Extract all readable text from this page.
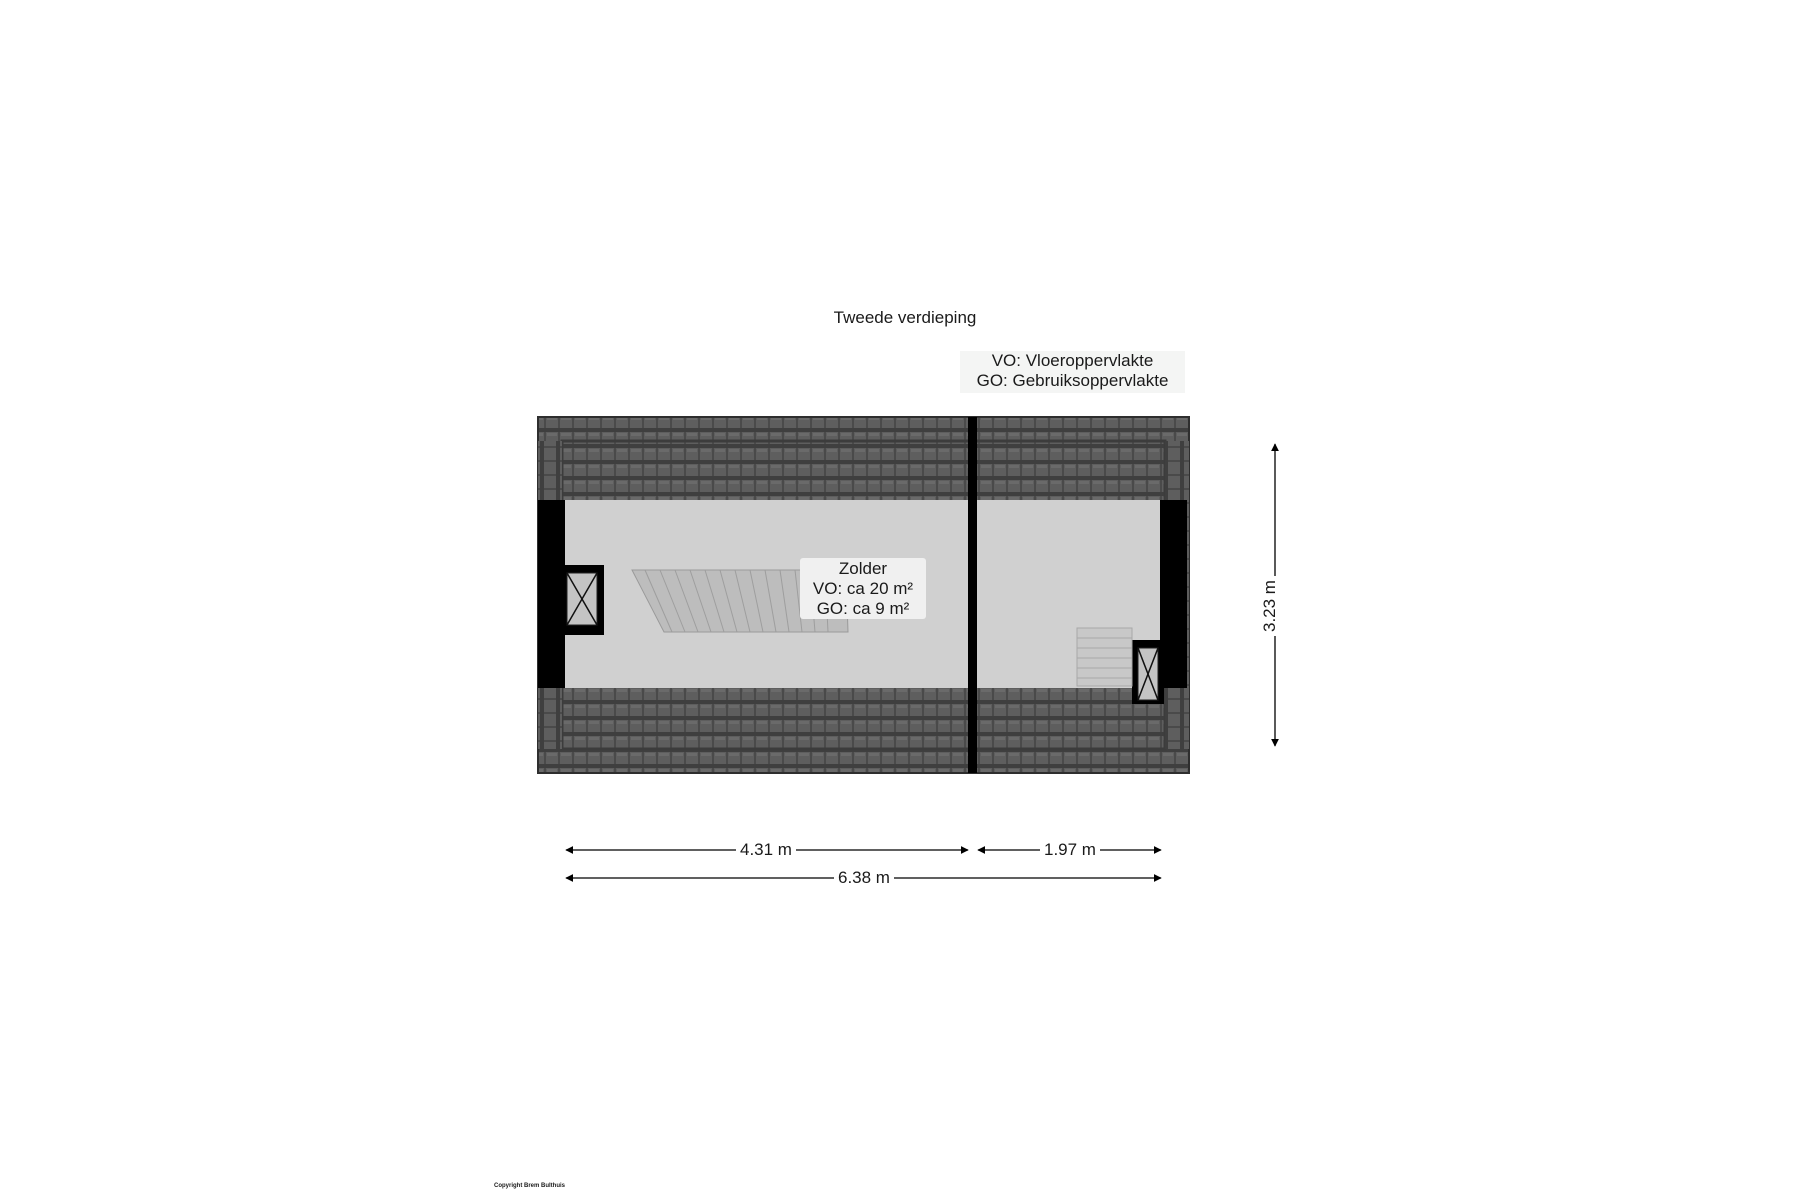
Tweede verdieping
VO: Vloeroppervlakte
GO: Gebruiksoppervlakte
Zolder
VO: ca 20 m²
GO: ca 9 m²
4.31 m	1.97 m
6.38 m
3.23 m
Copyright Brem Bulthuis
